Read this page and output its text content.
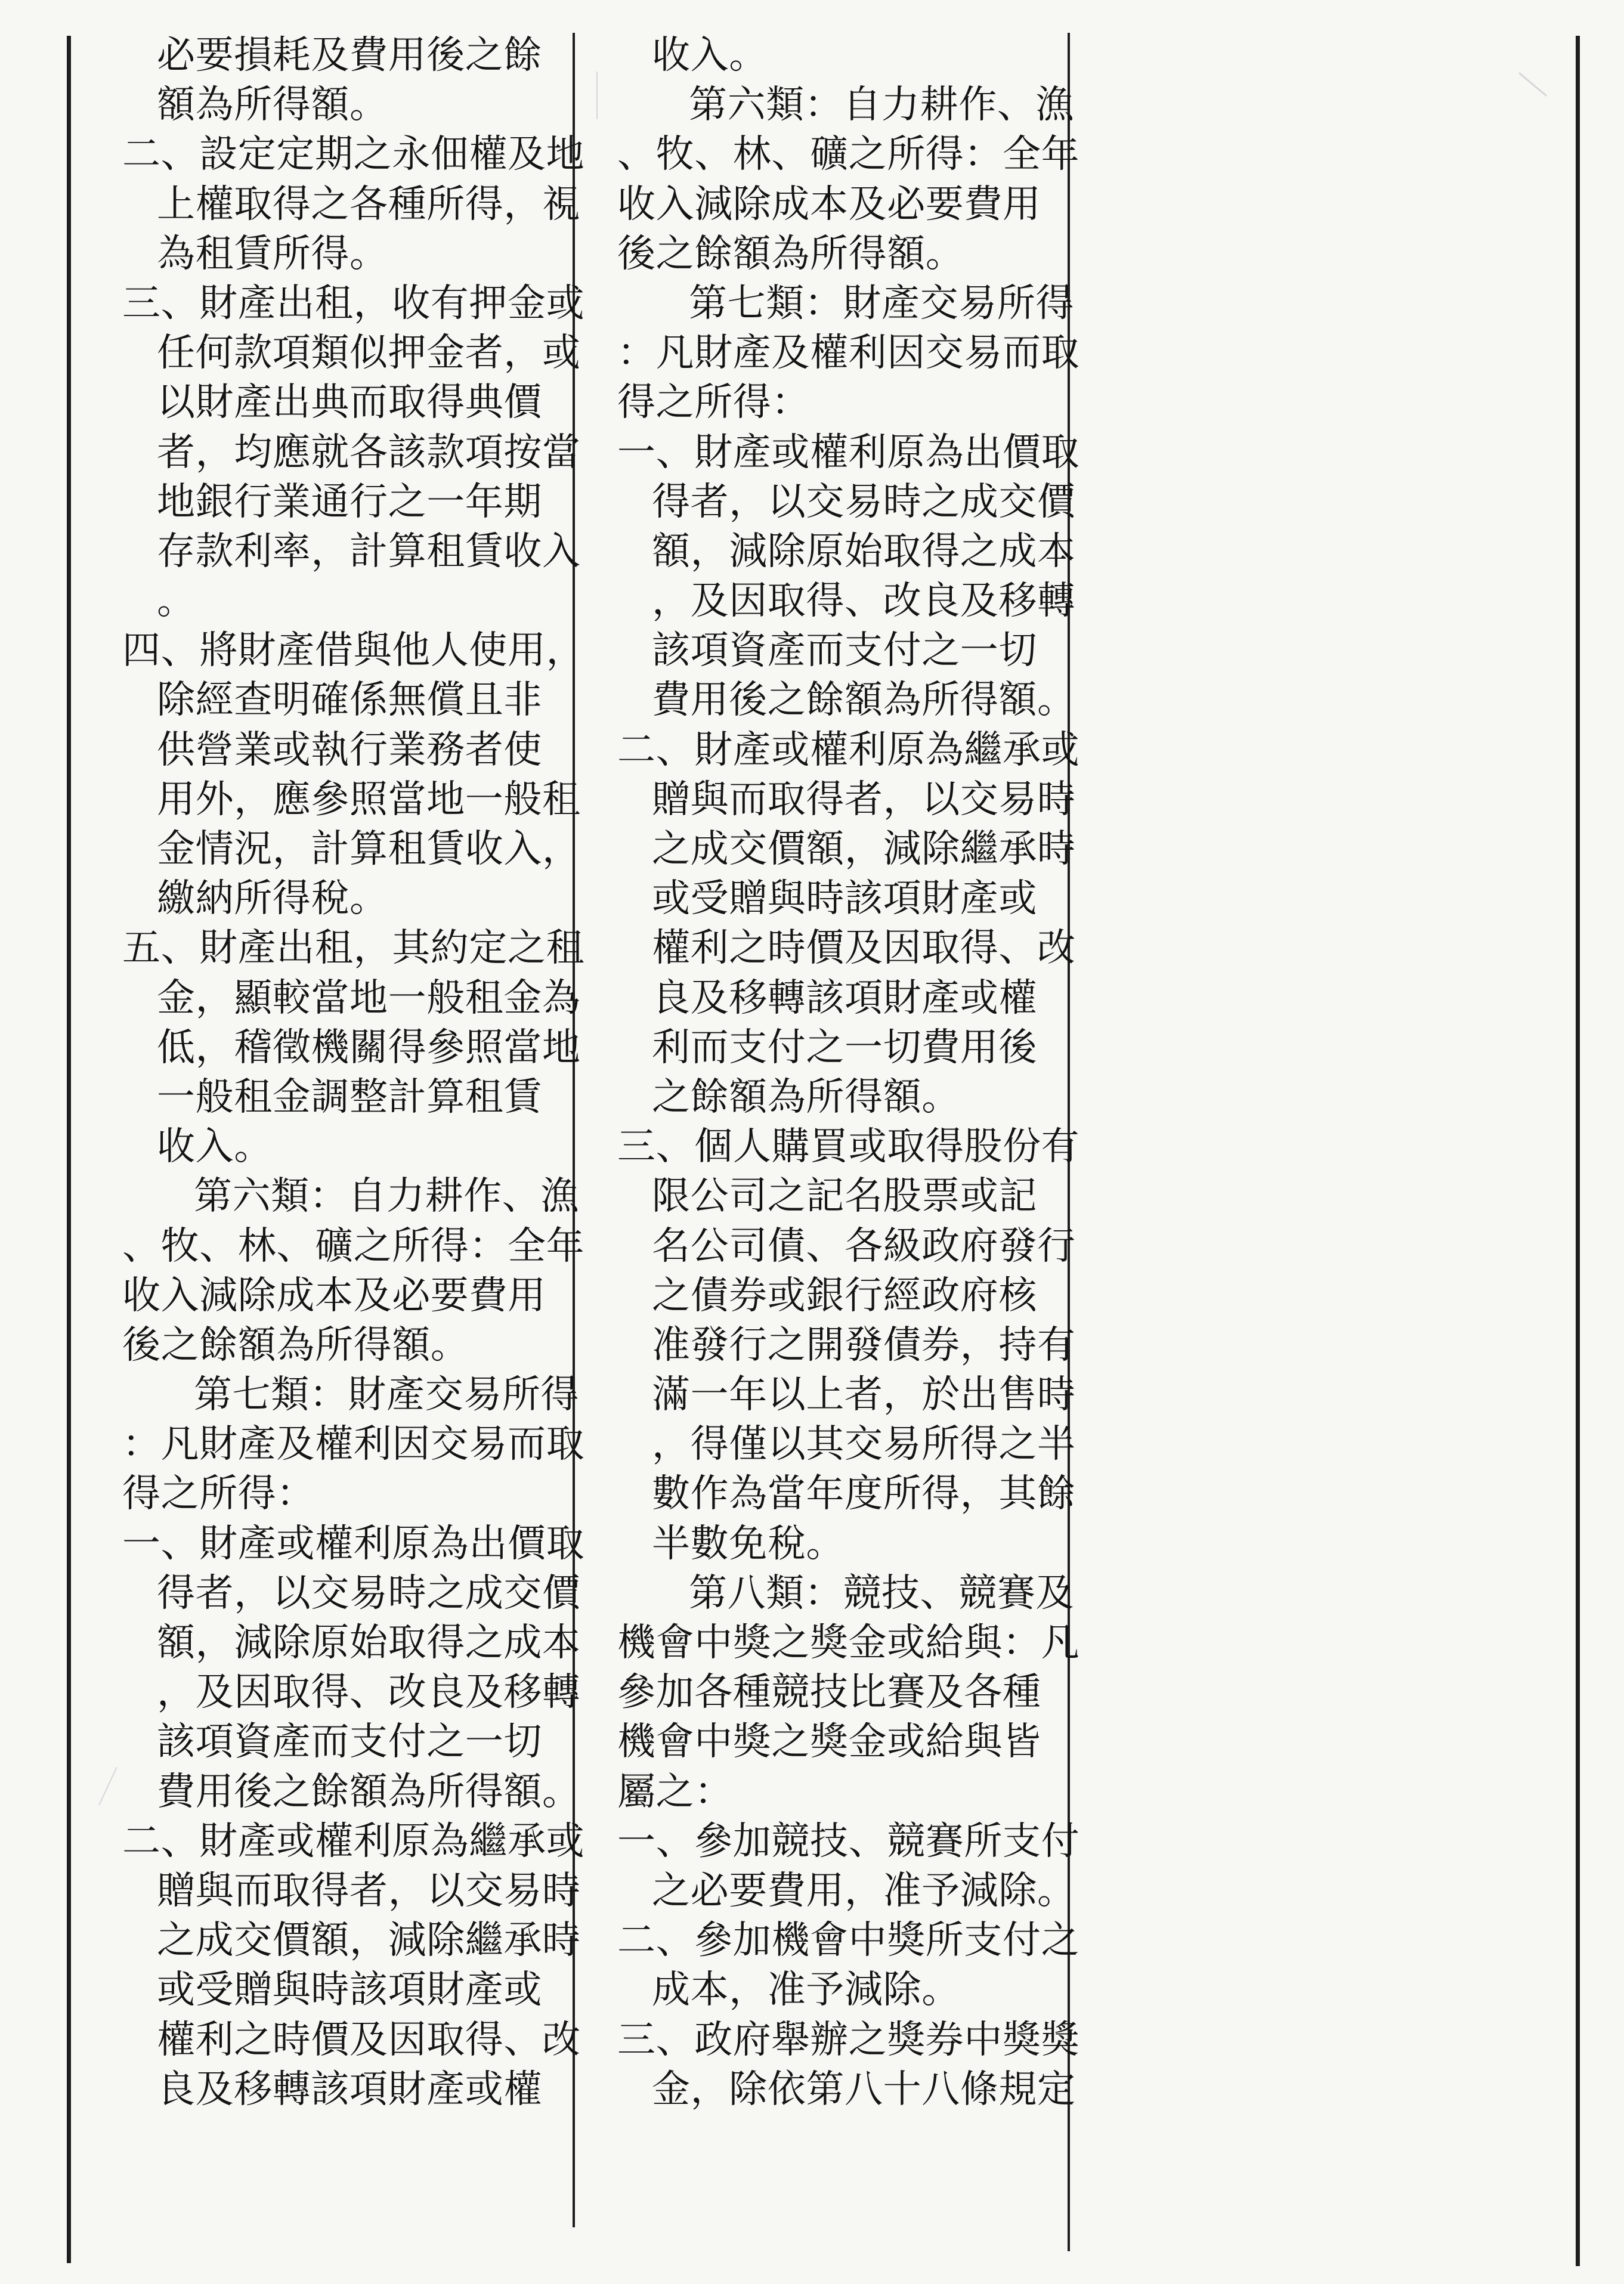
必要損耗及費用後之餘
額為所得額。
二、設定定期之永佃權及地
上權取得之各種所得，視
為租賃所得。
三、財產出租，收有押金或
任何款項類似押金者，或
以財產出典而取得典價
者，均應就各該款項按當
地銀行業通行之一年期
存款利率，計算租賃收入
。
四、將財產借與他人使用，
除經查明確係無償且非
供營業或執行業務者使
用外，應參照當地一般租
金情況，計算租賃收入，
繳納所得稅。
五、財產出租，其約定之租
金，顯較當地一般租金為
低，稽徵機關得參照當地
一般租金調整計算租賃
收入。
第六類：自力耕作、漁
、牧、林、礦之所得：全年
收入減除成本及必要費用
後之餘額為所得額。
第七類：財產交易所得
：凡財產及權利因交易而取
得之所得：
一、財產或權利原為出價取
得者，以交易時之成交價
額，減除原始取得之成本
，及因取得、改良及移轉
該項資產而支付之一切
費用後之餘額為所得額。
二、財產或權利原為繼承或
贈與而取得者，以交易時
之成交價額，減除繼承時
或受贈與時該項財產或
權利之時價及因取得、改
良及移轉該項財產或權
收入。
第六類：自力耕作、漁
、牧、林、礦之所得：全年
收入減除成本及必要費用
後之餘額為所得額。
第七類：財產交易所得
：凡財產及權利因交易而取
得之所得：
一、財產或權利原為出價取
得者，以交易時之成交價
額，減除原始取得之成本
，及因取得、改良及移轉
該項資產而支付之一切
費用後之餘額為所得額。
二、財產或權利原為繼承或
贈與而取得者，以交易時
之成交價額，減除繼承時
或受贈與時該項財產或
權利之時價及因取得、改
良及移轉該項財產或權
利而支付之一切費用後
之餘額為所得額。
三、個人購買或取得股份有
限公司之記名股票或記
名公司債、各級政府發行
之債券或銀行經政府核
准發行之開發債券，持有
滿一年以上者，於出售時
，得僅以其交易所得之半
數作為當年度所得，其餘
半數免稅。
第八類：競技、競賽及
機會中獎之獎金或給與：凡
參加各種競技比賽及各種
機會中獎之獎金或給與皆
屬之：
一、參加競技、競賽所支付
之必要費用，准予減除。
二、參加機會中獎所支付之
成本，准予減除。
三、政府舉辦之獎券中獎獎
金，除依第八十八條規定
